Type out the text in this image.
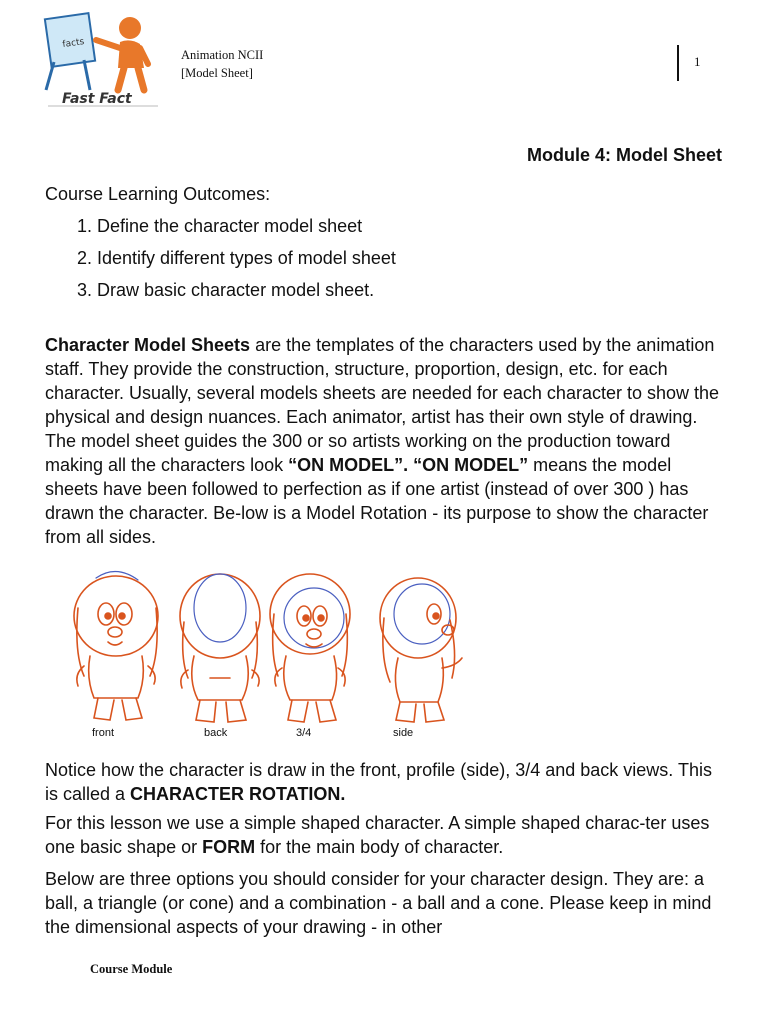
facts
Fast Fact
Animation NCII
[Model Sheet]
1
Module 4: Model Sheet
Course Learning Outcomes:
1. Define the character model sheet
2. Identify different types of model sheet
3. Draw basic character model sheet.

Character Model Sheets are the templates of the characters used by the animation staff. They provide the construction, structure, proportion, design, etc. for each character. Usually, several models sheets are needed for each character to show the physical and design nuances. Each animator, artist has their own style of drawing. The model sheet guides the 300 or so artists working on the production toward making all the characters look “ON MODEL”. “ON MODEL” means the model sheets have been followed to perfection as if one artist (instead of over 300 ) has drawn the character. Be-low is a Model Rotation - its purpose to show the character from all sides.

front	back	3/4	side

Notice how the character is draw in the front, profile (side), 3/4 and back views. This is called a CHARACTER ROTATION.

For this lesson we use a simple shaped character. A simple shaped charac-ter uses one basic shape or FORM for the main body of character.

Below are three options you should consider for your character design. They are: a ball, a triangle (or cone) and a combination - a ball and a cone. Please keep in mind the dimensional aspects of your drawing - in other

Course Module
